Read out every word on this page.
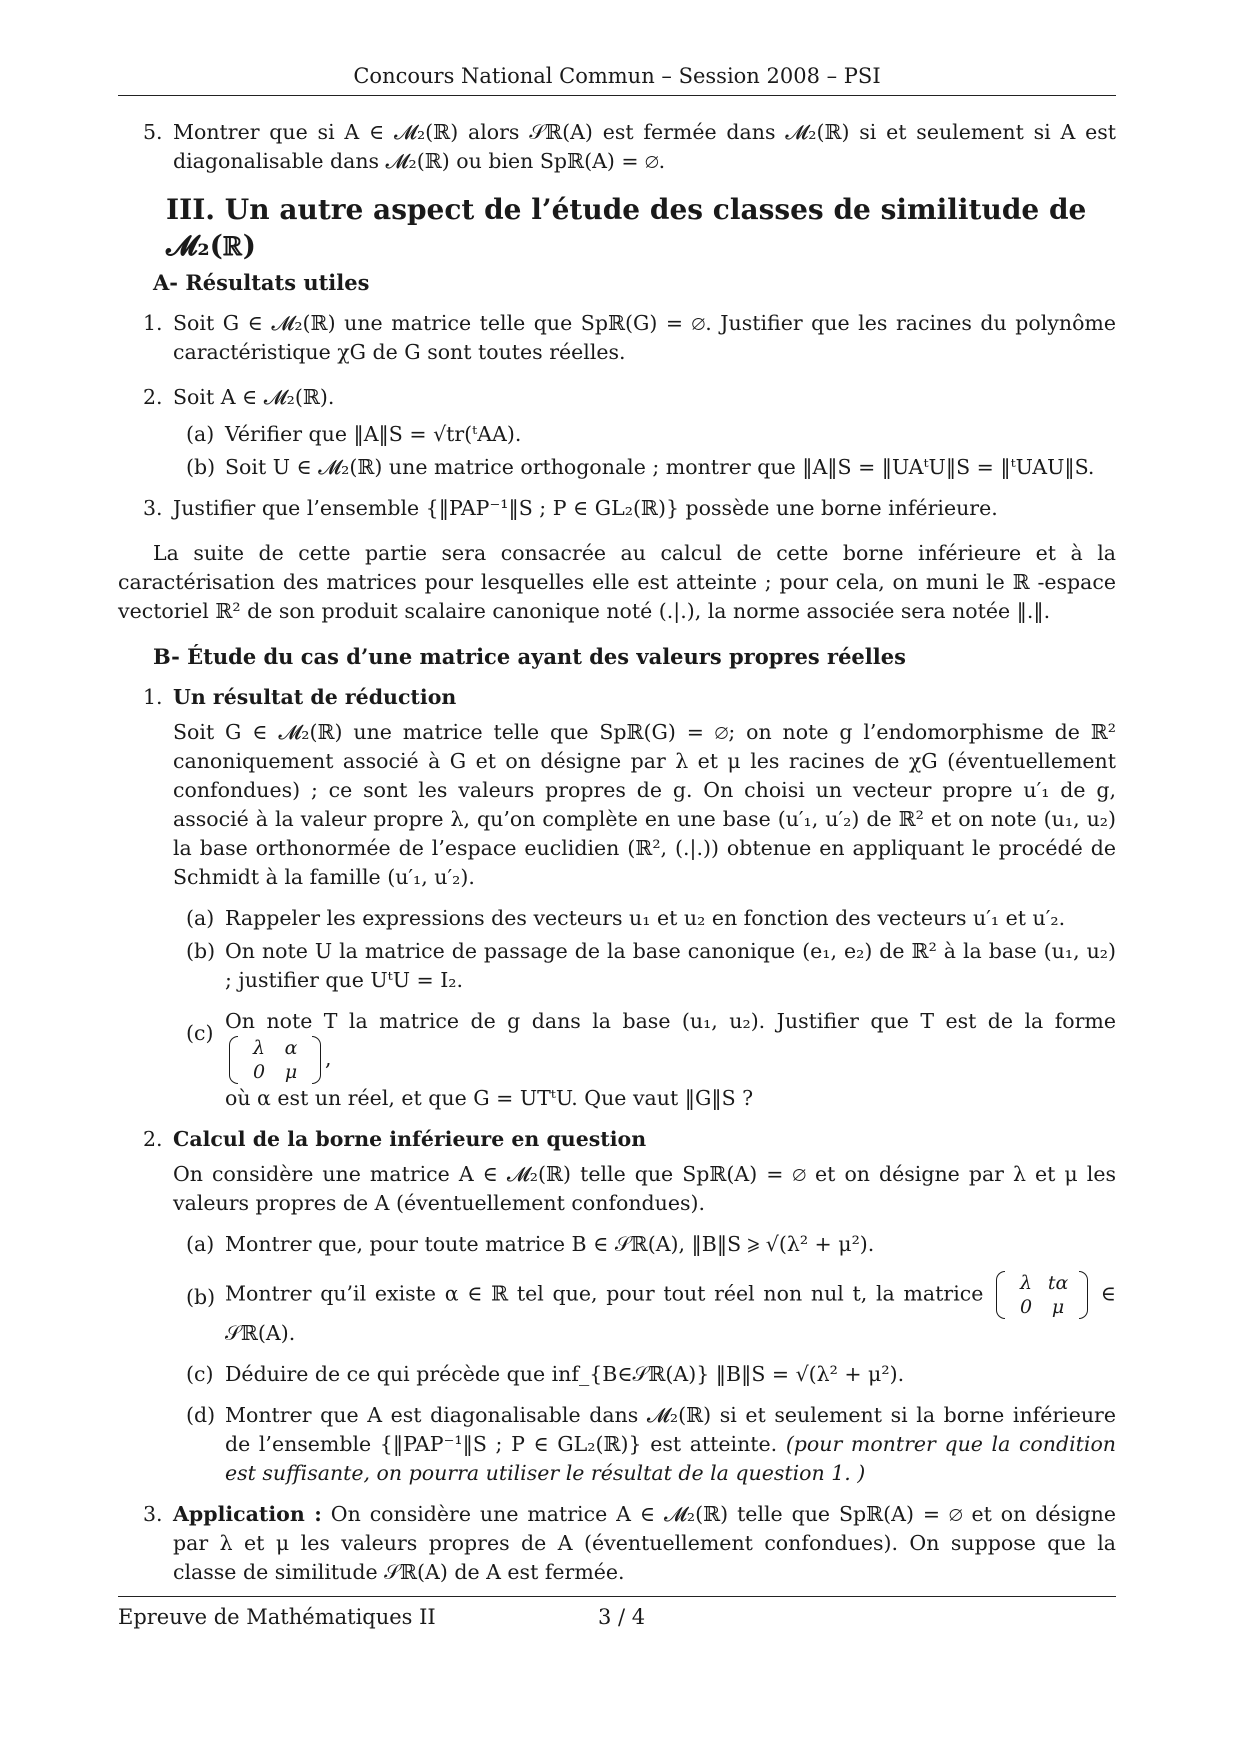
Concours National Commun – Session 2008 – PSI
5. Montrer que si A ∈ 𝓜₂(ℝ) alors 𝒮ℝ(A) est fermée dans 𝓜₂(ℝ) si et seulement si A est diagonalisable dans 𝓜₂(ℝ) ou bien Spℝ(A) = ∅.
III. Un autre aspect de l’étude des classes de similitude de 𝓜₂(ℝ)
A- Résultats utiles
1. Soit G ∈ 𝓜₂(ℝ) une matrice telle que Spℝ(G) = ∅. Justifier que les racines du polynôme caractéristique χG de G sont toutes réelles.
2. Soit A ∈ 𝓜₂(ℝ).
(a) Vérifier que ‖A‖S = √tr(ᵗAA).
(b) Soit U ∈ 𝓜₂(ℝ) une matrice orthogonale ; montrer que ‖A‖S = ‖UAᵗU‖S = ‖ᵗUAU‖S.
3. Justifier que l’ensemble {‖PAP⁻¹‖S ; P ∈ GL₂(ℝ)} possède une borne inférieure.
La suite de cette partie sera consacrée au calcul de cette borne inférieure et à la caractérisation des matrices pour lesquelles elle est atteinte ; pour cela, on muni le ℝ -espace vectoriel ℝ² de son produit scalaire canonique noté (.|.), la norme associée sera notée ‖.‖.
B- Étude du cas d’une matrice ayant des valeurs propres réelles
1. Un résultat de réduction
Soit G ∈ 𝓜₂(ℝ) une matrice telle que Spℝ(G) = ∅; on note g l’endomorphisme de ℝ² canoniquement associé à G et on désigne par λ et μ les racines de χG (éventuellement confondues) ; ce sont les valeurs propres de g. On choisi un vecteur propre u′₁ de g, associé à la valeur propre λ, qu’on complète en une base (u′₁, u′₂) de ℝ² et on note (u₁, u₂) la base orthonormée de l’espace euclidien (ℝ², (.|.)) obtenue en appliquant le procédé de Schmidt à la famille (u′₁, u′₂).
(a) Rappeler les expressions des vecteurs u₁ et u₂ en fonction des vecteurs u′₁ et u′₂.
(b) On note U la matrice de passage de la base canonique (e₁, e₂) de ℝ² à la base (u₁, u₂) ; justifier que UᵗU = I₂.
(c) On note T la matrice de g dans la base (u₁, u₂). Justifier que T est de la forme λ α
0 μ,
où α est un réel, et que G = UTᵗU. Que vaut ‖G‖S ?
2. Calcul de la borne inférieure en question
On considère une matrice A ∈ 𝓜₂(ℝ) telle que Spℝ(A) = ∅ et on désigne par λ et μ les valeurs propres de A (éventuellement confondues).
(a) Montrer que, pour toute matrice B ∈ 𝒮ℝ(A), ‖B‖S ⩾ √(λ² + μ²).
(b) Montrer qu’il existe α ∈ ℝ tel que, pour tout réel non nul t, la matrice λ tα
0 μ ∈ 𝒮ℝ(A).
(c) Déduire de ce qui précède que inf_{B∈𝒮ℝ(A)} ‖B‖S = √(λ² + μ²).
(d) Montrer que A est diagonalisable dans 𝓜₂(ℝ) si et seulement si la borne inférieure de l’ensemble {‖PAP⁻¹‖S ; P ∈ GL₂(ℝ)} est atteinte. (pour montrer que la condition est suffisante, on pourra utiliser le résultat de la question 1. )
3. Application : On considère une matrice A ∈ 𝓜₂(ℝ) telle que Spℝ(A) = ∅ et on désigne par λ et μ les valeurs propres de A (éventuellement confondues). On suppose que la classe de similitude 𝒮ℝ(A) de A est fermée.
Epreuve de Mathématiques II	3 / 4
